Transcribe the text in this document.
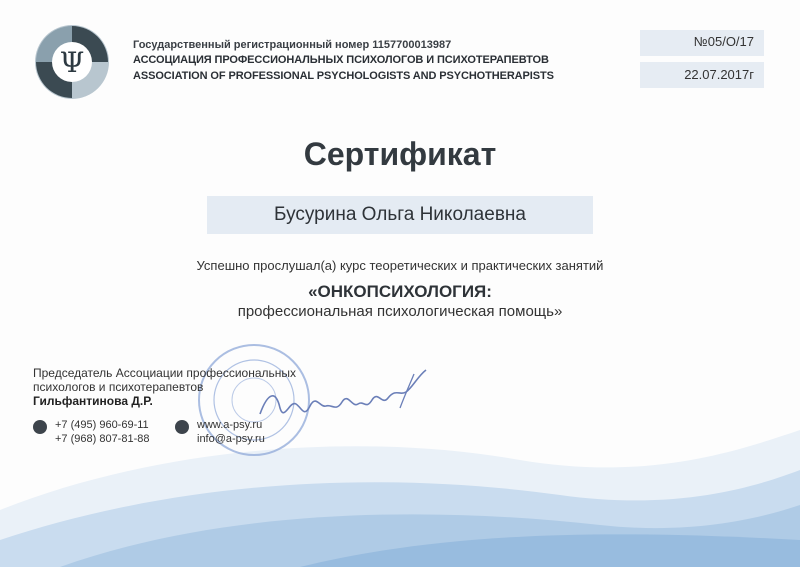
Ψ
Государственный регистрационный номер 1157700013987
АССОЦИАЦИЯ ПРОФЕССИОНАЛЬНЫХ ПСИХОЛОГОВ И ПСИХОТЕРАПЕВТОВ
ASSOCIATION OF PROFESSIONAL PSYCHOLOGISTS AND PSYCHOTHERAPISTS
№05/О/17
22.07.2017г
Сертификат
Бусурина Ольга Николаевна
Успешно прослушал(а) курс теоретических и практических занятий
«ОНКОПСИХОЛОГИЯ:
профессиональная психологическая помощь»
Председатель Ассоциации профессиональных
психологов и психотерапевтов
Гильфантинова Д.Р.
+7 (495) 960-69-11
+7 (968) 807-81-88
www.a-psy.ru
info@a-psy.ru
